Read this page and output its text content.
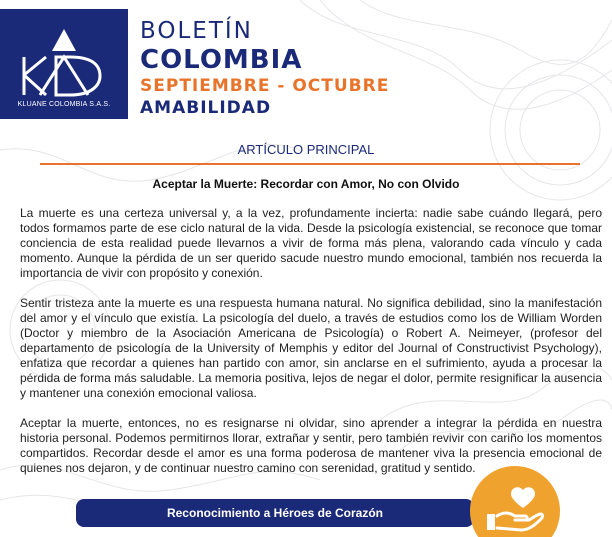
KLUANE COLOMBIA S.A.S.
BOLETÍN
COLOMBIA
SEPTIEMBRE - OCTUBRE
AMABILIDAD
ARTÍCULO PRINCIPAL
Aceptar la Muerte: Recordar con Amor, No con Olvido

La muerte es una certeza universal y, a la vez, profundamente incierta: nadie sabe cuándo llegará, pero todos formamos parte de ese ciclo natural de la vida. Desde la psicología existencial, se reconoce que tomar conciencia de esta realidad puede llevarnos a vivir de forma más plena, valorando cada vínculo y cada momento. Aunque la pérdida de un ser querido sacude nuestro mundo emocional, también nos recuerda la importancia de vivir con propósito y conexión.

Sentir tristeza ante la muerte es una respuesta humana natural. No significa debilidad, sino la manifestación del amor y el vínculo que existía. La psicología del duelo, a través de estudios como los de William Worden (Doctor y miembro de la Asociación Americana de Psicología) o Robert A. Neimeyer, (profesor del departamento de psicología de la University of Memphis y editor del Journal of Constructivist Psychology), enfatiza que recordar a quienes han partido con amor, sin anclarse en el sufrimiento, ayuda a procesar la pérdida de forma más saludable. La memoria positiva, lejos de negar el dolor, permite resignificar la ausencia y mantener una conexión emocional valiosa.

Aceptar la muerte, entonces, no es resignarse ni olvidar, sino aprender a integrar la pérdida en nuestra historia personal. Podemos permitirnos llorar, extrañar y sentir, pero también revivir con cariño los momentos compartidos. Recordar desde el amor es una forma poderosa de mantener viva la presencia emocional de quienes nos dejaron, y de continuar nuestro camino con serenidad, gratitud y sentido.

Reconocimiento a Héroes de Corazón
